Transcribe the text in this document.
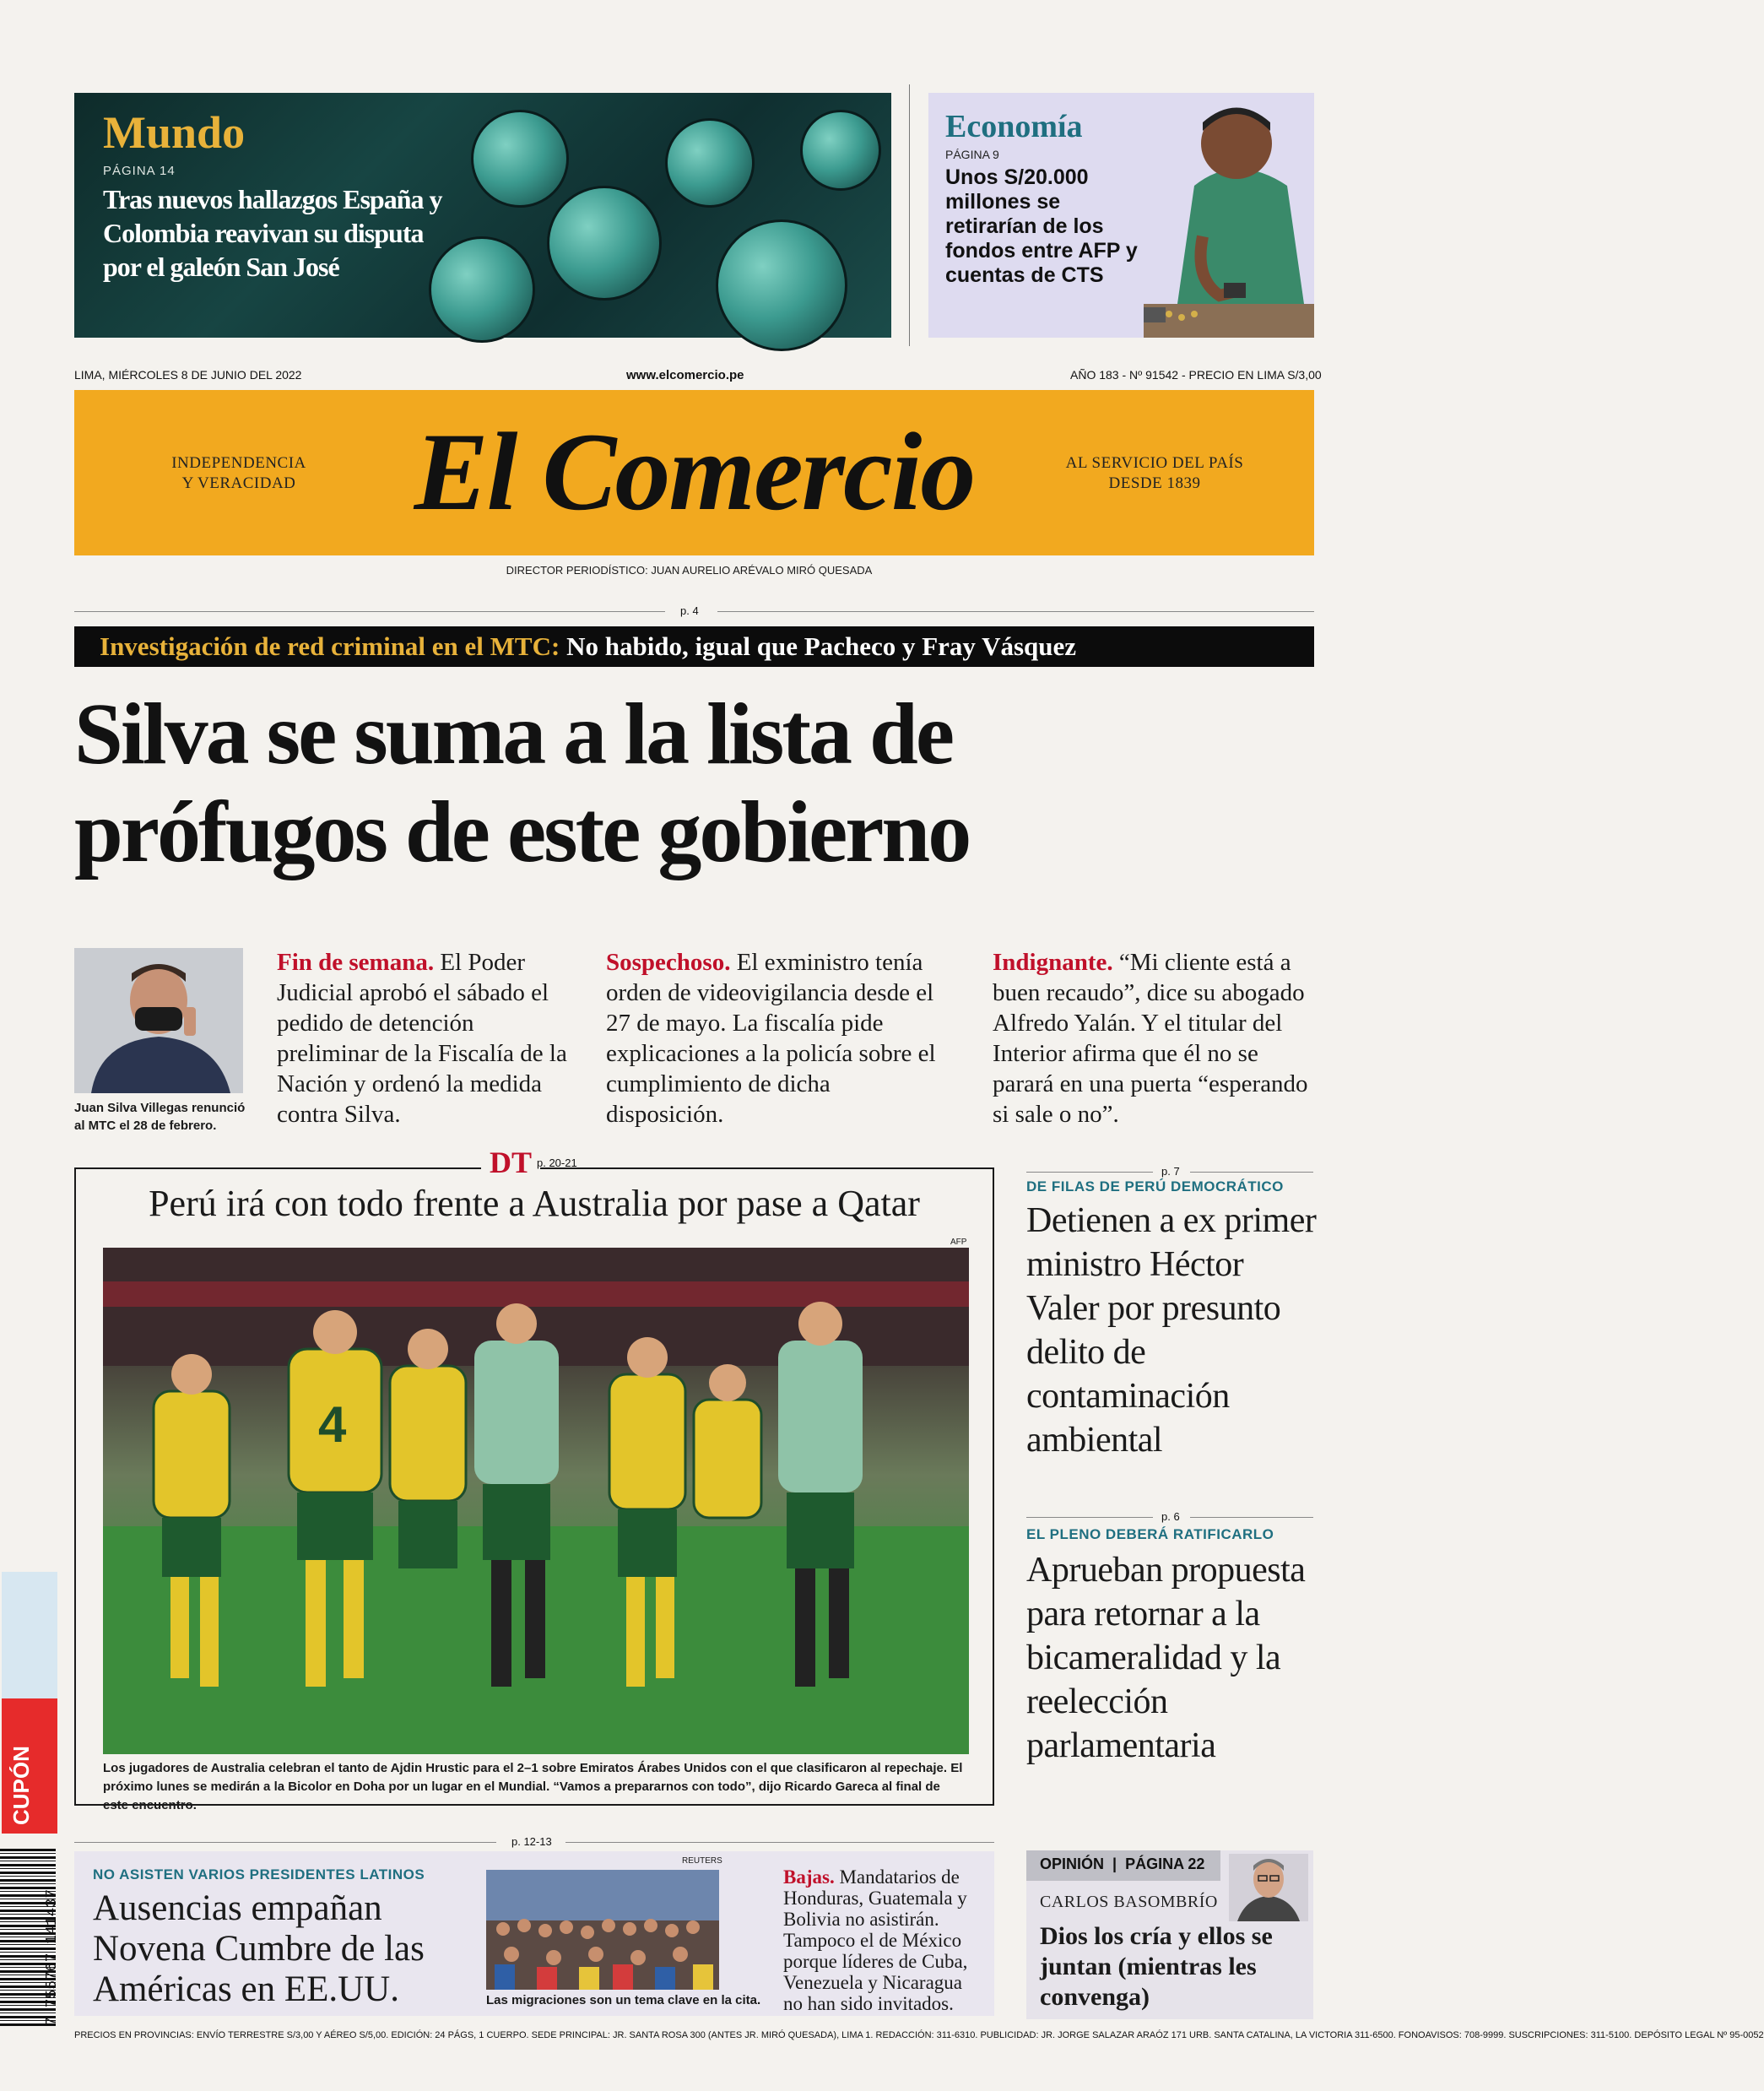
Mundo
PÁGINA 14
Tras nuevos hallazgos España y Colombia reavivan su disputa por el galeón San José
Economía
PÁGINA 9
Unos S/20.000 millones se retirarían de los fondos entre AFP y cuentas de CTS
LIMA, MIÉRCOLES 8 DE JUNIO DEL 2022	www.elcomercio.pe	AÑO 183 - Nº 91542 - PRECIO EN LIMA S/3,00
INDEPENDENCIA
Y VERACIDAD	El Comercio	AL SERVICIO DEL PAÍS
DESDE 1839
DIRECTOR PERIODÍSTICO: JUAN AURELIO ARÉVALO MIRÓ QUESADA
p. 4
Investigación de red criminal en el MTC: No habido, igual que Pacheco y Fray Vásquez
Silva se suma a la lista de
prófugos de este gobierno
Juan Silva Villegas renunció al MTC el 28 de febrero.
Fin de semana. El Poder Judicial aprobó el sábado el pedido de detención preliminar de la Fiscalía de la Nación y ordenó la medida contra Silva.
Sospechoso. El exministro tenía orden de videovigilancia desde el 27 de mayo. La fiscalía pide explicaciones a la policía sobre el cumplimiento de dicha disposición.
Indignante. “Mi cliente está a buen recaudo”, dice su abogado Alfredo Yalán. Y el titular del Interior afirma que él no se parará en una puerta “esperando si sale o no”.
DT p. 20-21
Perú irá con todo frente a Australia por pase a Qatar
AFP
4
Los jugadores de Australia celebran el tanto de Ajdin Hrustic para el 2–1 sobre Emiratos Árabes Unidos con el que clasificaron al repechaje. El próximo lunes se medirán a la Bicolor en Doha por un lugar en el Mundial. “Vamos a prepararnos con todo”, dijo Ricardo Gareca al final de este encuentro.
p. 7
DE FILAS DE PERÚ DEMOCRÁTICO
Detienen a ex primer ministro Héctor Valer por presunto delito de contaminación ambiental
p. 6
EL PLENO DEBERÁ RATIFICARLO
Aprueban propuesta para retornar a la bicameralidad y la reelección parlamentaria
p. 12-13
NO ASISTEN VARIOS PRESIDENTES LATINOS
Ausencias empañan Novena Cumbre de las Américas en EE.UU.
REUTERS
Las migraciones son un tema clave en la cita.
Bajas. Mandatarios de Honduras, Guatemala y Bolivia no asistirán. Tampoco el de México porque líderes de Cuba, Venezuela y Nicaragua no han sido invitados.
OPINIÓN  |  PÁGINA 22
CARLOS BASOMBRÍO
Dios los cría y ellos se juntan (mientras les convenga)
PRECIOS EN PROVINCIAS: ENVÍO TERRESTRE S/3,00 Y AÉREO S/5,00. EDICIÓN: 24 PÁGS, 1 CUERPO. SEDE PRINCIPAL: JR. SANTA ROSA 300 (ANTES JR. MIRÓ QUESADA), LIMA 1. REDACCIÓN: 311-6310. PUBLICIDAD: JR. JORGE SALAZAR ARAÓZ 171 URB. SANTA CATALINA, LA VICTORIA 311-6500. FONOAVISOS: 708-9999. SUSCRIPCIONES: 311-5100. DEPÓSITO LEGAL Nº 95-0052
CUPÓN
7 755767 141437
